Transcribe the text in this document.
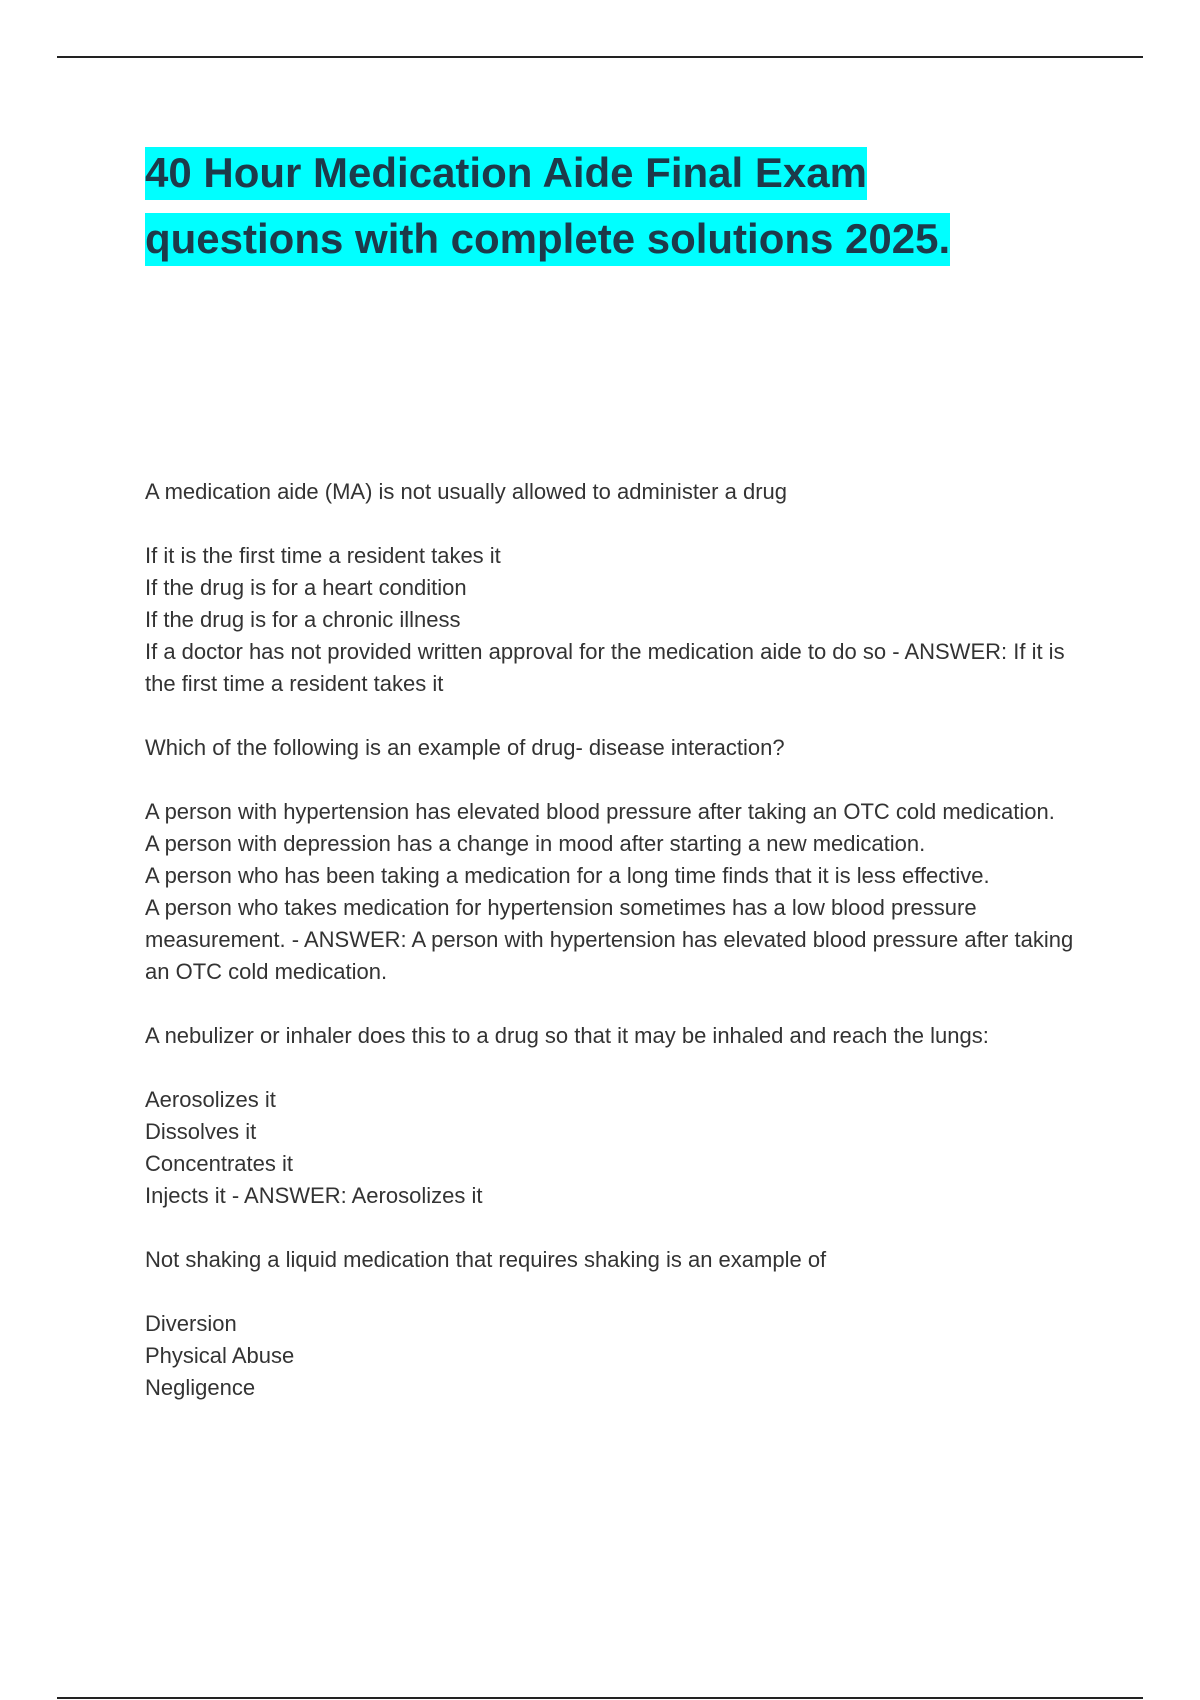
40 Hour Medication Aide Final Exam
questions with complete solutions 2025.
A medication aide (MA) is not usually allowed to administer a drug
If it is the first time a resident takes it
If the drug is for a heart condition
If the drug is for a chronic illness
If a doctor has not provided written approval for the medication aide to do so - ANSWER: If it is the first time a resident takes it
Which of the following is an example of drug- disease interaction?
A person with hypertension has elevated blood pressure after taking an OTC cold medication.
A person with depression has a change in mood after starting a new medication.
A person who has been taking a medication for a long time finds that it is less effective.
A person who takes medication for hypertension sometimes has a low blood pressure measurement. - ANSWER: A person with hypertension has elevated blood pressure after taking an OTC cold medication.
A nebulizer or inhaler does this to a drug so that it may be inhaled and reach the lungs:
Aerosolizes it
Dissolves it
Concentrates it
Injects it - ANSWER: Aerosolizes it
Not shaking a liquid medication that requires shaking is an example of
Diversion
Physical Abuse
Negligence
